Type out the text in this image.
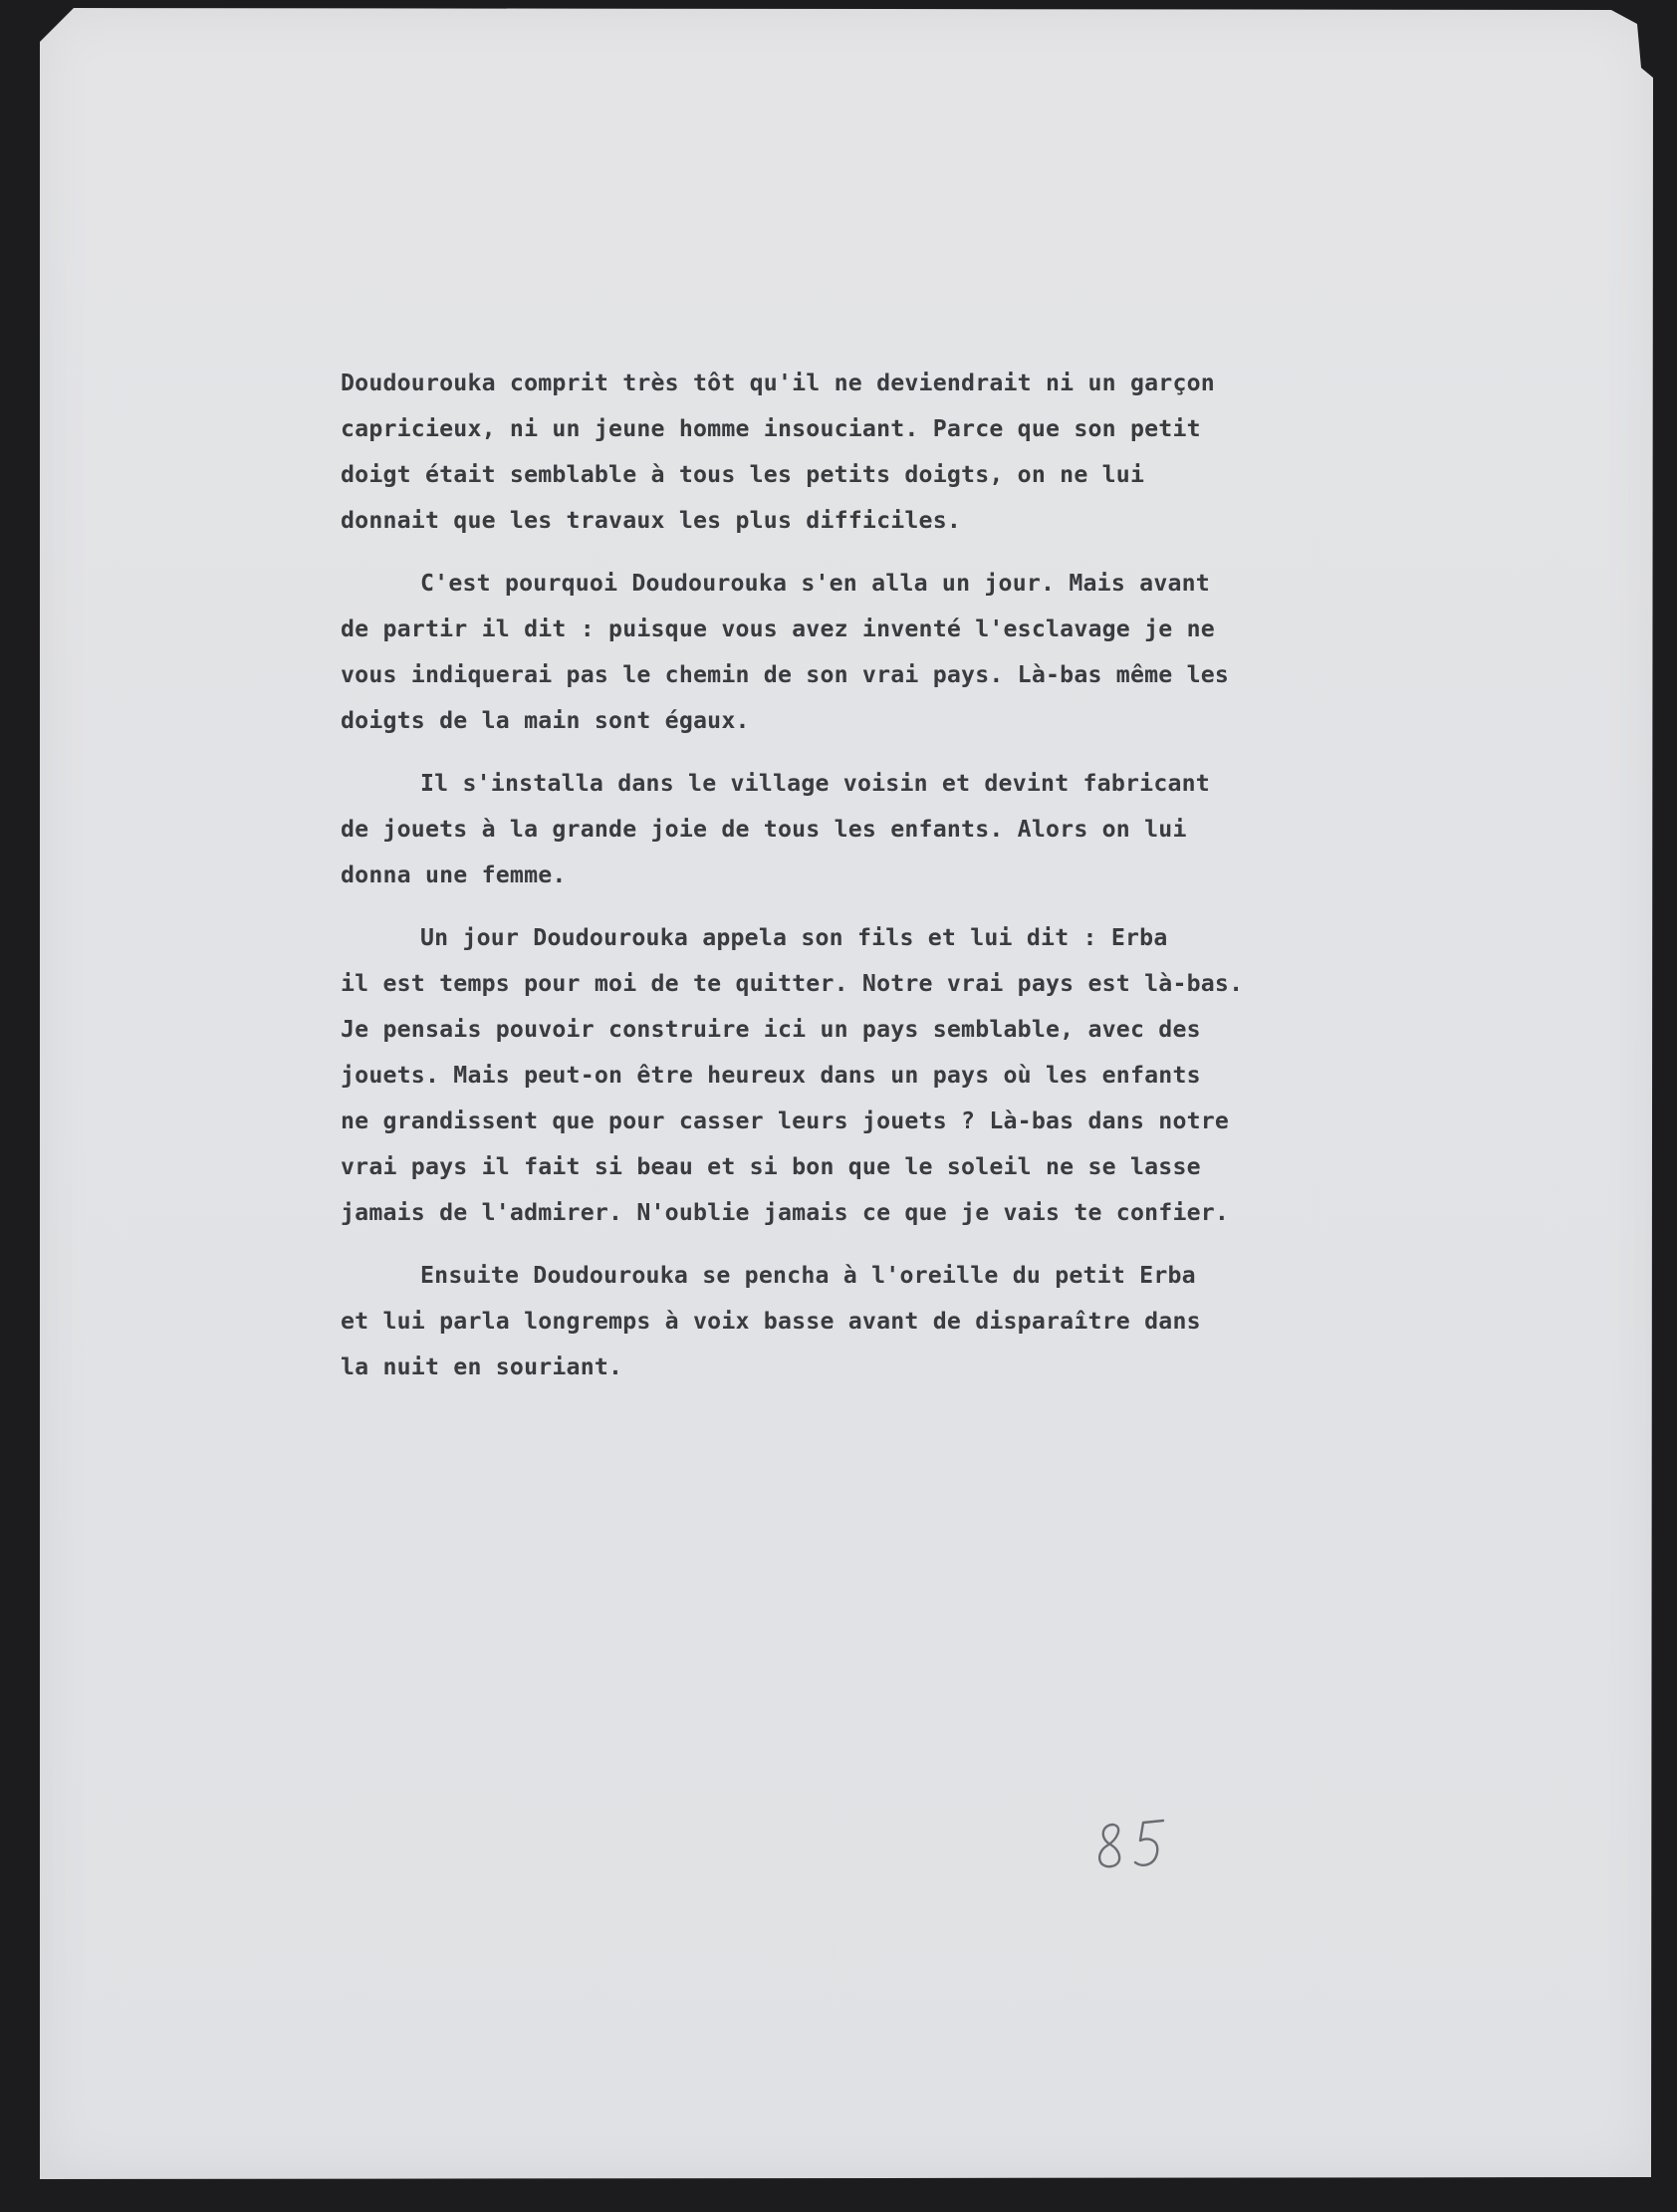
Doudourouka comprit très tôt qu'il ne deviendrait ni un garçon
capricieux, ni un jeune homme insouciant. Parce que son petit
doigt était semblable à tous les petits doigts, on ne lui
donnait que les travaux les plus difficiles.

C'est pourquoi Doudourouka s'en alla un jour. Mais avant
de partir il dit : puisque vous avez inventé l'esclavage je ne
vous indiquerai pas le chemin de son vrai pays. Là-bas même les
doigts de la main sont égaux.

Il s'installa dans le village voisin et devint fabricant
de jouets à la grande joie de tous les enfants. Alors on lui
donna une femme.

Un jour Doudourouka appela son fils et lui dit : Erba
il est temps pour moi de te quitter. Notre vrai pays est là-bas.
Je pensais pouvoir construire ici un pays semblable, avec des
jouets. Mais peut-on être heureux dans un pays où les enfants
ne grandissent que pour casser leurs jouets ? Là-bas dans notre
vrai pays il fait si beau et si bon que le soleil ne se lasse
jamais de l'admirer. N'oublie jamais ce que je vais te confier.

Ensuite Doudourouka se pencha à l'oreille du petit Erba
et lui parla longremps à voix basse avant de disparaître dans
la nuit en souriant.
